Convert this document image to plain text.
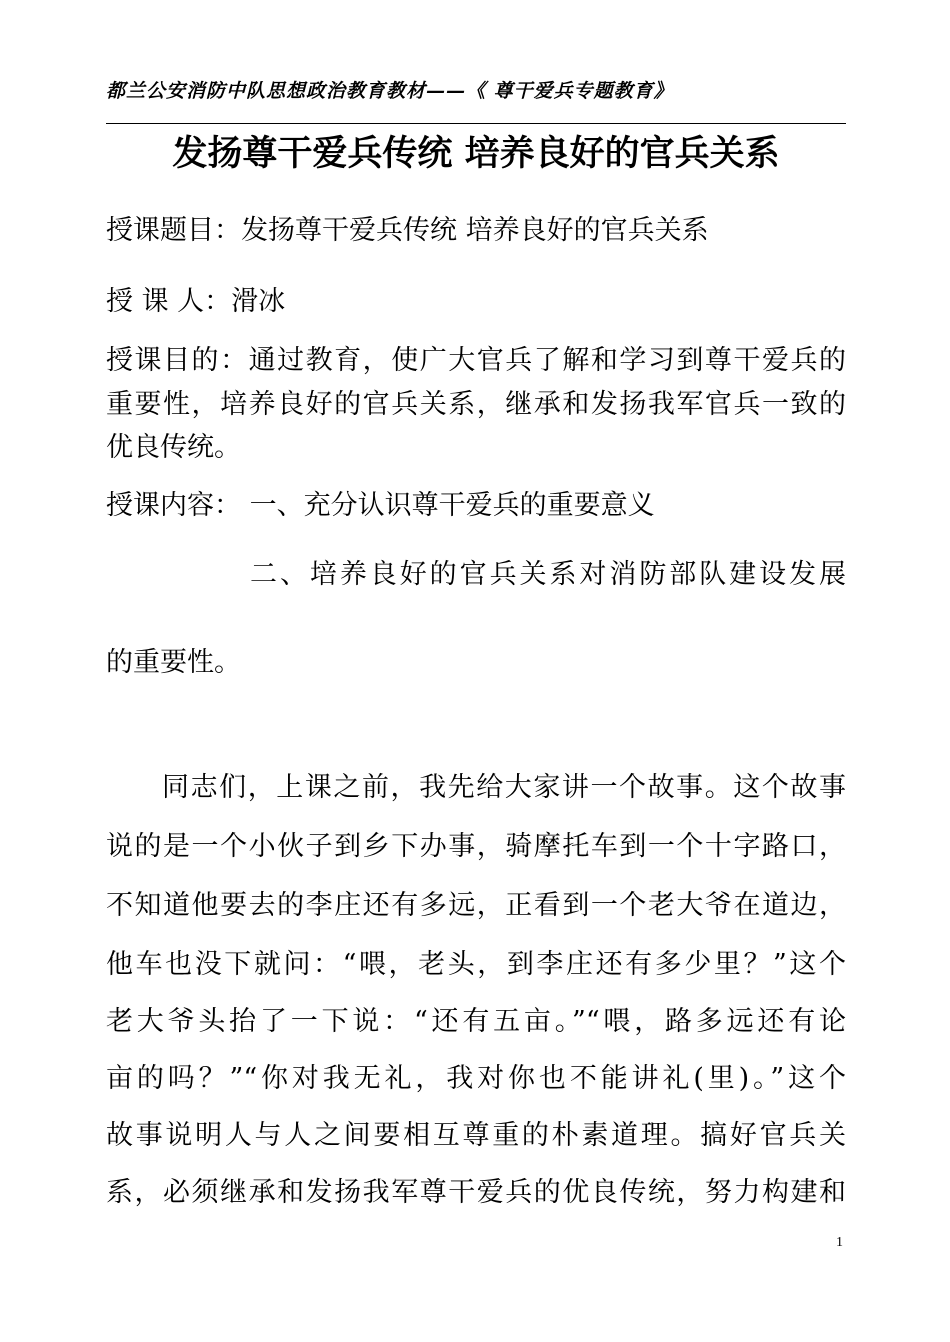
都兰公安消防中队思想政治教育教材——《 尊干爱兵专题教育》
发扬尊干爱兵传统 培养良好的官兵关系
授课题目：发扬尊干爱兵传统 培养良好的官兵关系
授 课 人：滑冰
授课目的：通过教育，使广大官兵了解和学习到尊干爱兵的
重要性，培养良好的官兵关系，继承和发扬我军官兵一致的
优良传统。
授课内容： 一、充分认识尊干爱兵的重要意义
二、培养良好的官兵关系对消防部队建设发展
的重要性。
同志们，上课之前，我先给大家讲一个故事。这个故事
说的是一个小伙子到乡下办事，骑摩托车到一个十字路口，
不知道他要去的李庄还有多远，正看到一个老大爷在道边，
他车也没下就问：“喂，老头，到李庄还有多少里？”这个
老大爷头抬了一下说：“还有五亩。”“喂，路多远还有论
亩的吗？”“你对我无礼，我对你也不能讲礼(里)。”这个
故事说明人与人之间要相互尊重的朴素道理。搞好官兵关
系，必须继承和发扬我军尊干爱兵的优良传统，努力构建和
1
